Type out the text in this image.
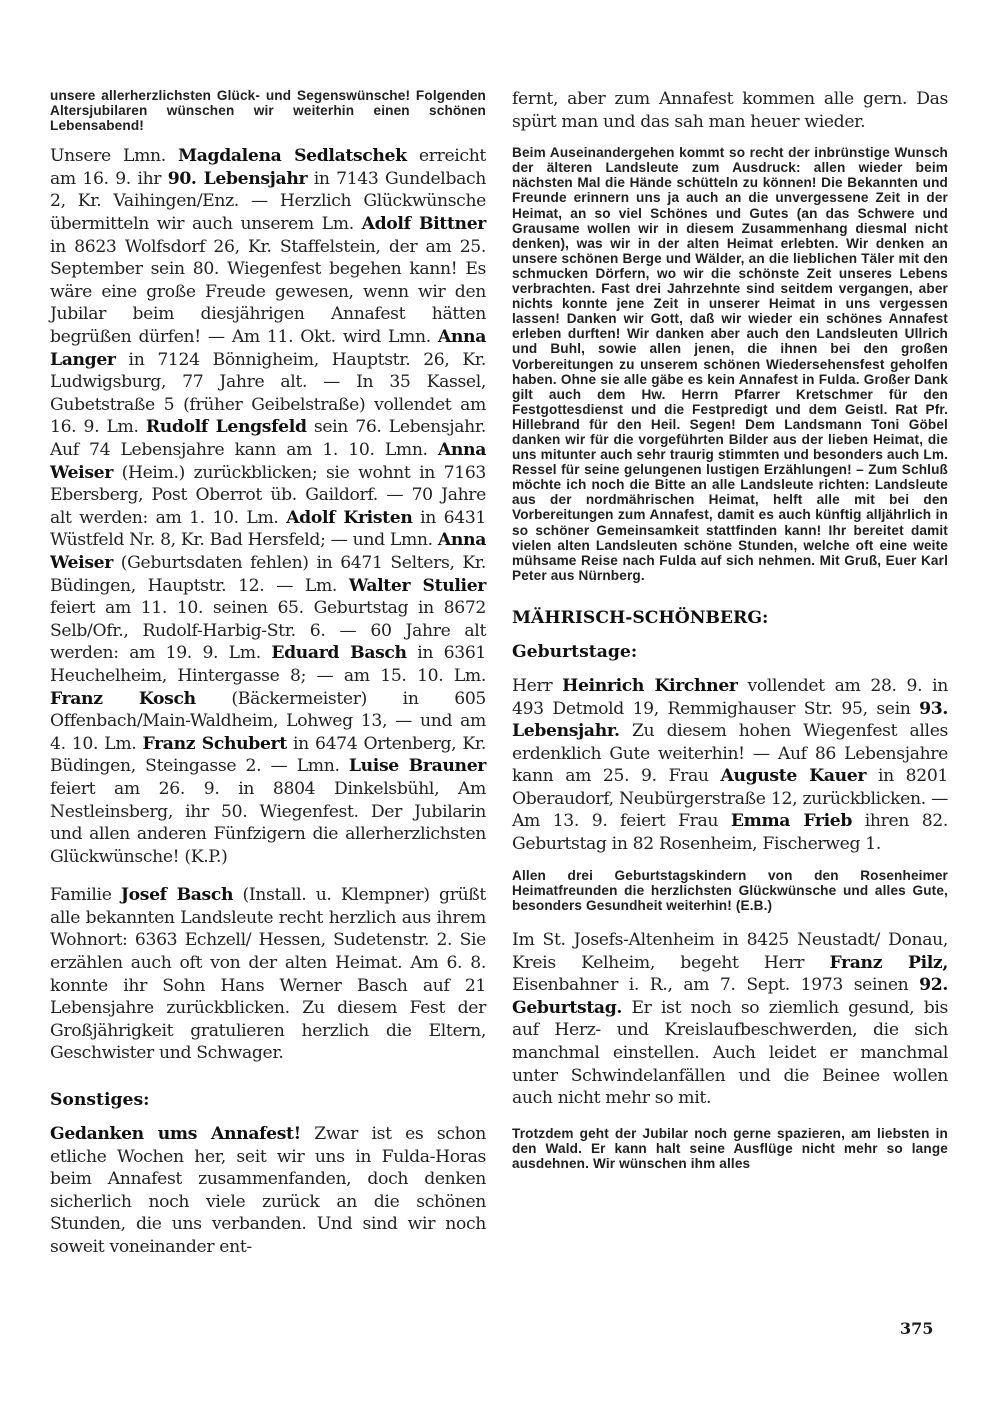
unsere allerherzlichsten Glück- und Segenswünsche! Folgenden Altersjubilaren wünschen wir weiterhin einen schönen Lebensabend!

Unsere Lmn. Magdalena Sedlatschek erreicht am 16. 9. ihr 90. Lebensjahr in 7143 Gundelbach 2, Kr. Vaihingen/Enz. — Herzlich Glückwünsche übermitteln wir auch unserem Lm. Adolf Bittner in 8623 Wolfsdorf 26, Kr. Staffelstein, der am 25. September sein 80. Wiegenfest begehen kann! Es wäre eine große Freude gewesen, wenn wir den Jubilar beim diesjährigen Annafest hätten begrüßen dürfen! — Am 11. Okt. wird Lmn. Anna Langer in 7124 Bönnigheim, Hauptstr. 26, Kr. Ludwigsburg, 77 Jahre alt. — In 35 Kassel, Gubetstraße 5 (früher Geibelstraße) vollendet am 16. 9. Lm. Rudolf Lengsfeld sein 76. Lebensjahr. Auf 74 Lebensjahre kann am 1. 10. Lmn. Anna Weiser (Heim.) zurückblicken; sie wohnt in 7163 Ebersberg, Post Oberrot üb. Gaildorf. — 70 Jahre alt werden: am 1. 10. Lm. Adolf Kristen in 6431 Wüstfeld Nr. 8, Kr. Bad Hersfeld; — und Lmn. Anna Weiser (Geburtsdaten fehlen) in 6471 Selters, Kr. Büdingen, Hauptstr. 12. — Lm. Walter Stulier feiert am 11. 10. seinen 65. Geburtstag in 8672 Selb/Ofr., Rudolf-Harbig-Str. 6. — 60 Jahre alt werden: am 19. 9. Lm. Eduard Basch in 6361 Heuchelheim, Hintergasse 8; — am 15. 10. Lm. Franz Kosch (Bäckermeister) in 605 Offenbach/Main-Waldheim, Lohweg 13, — und am 4. 10. Lm. Franz Schubert in 6474 Ortenberg, Kr. Büdingen, Steingasse 2. — Lmn. Luise Brauner feiert am 26. 9. in 8804 Dinkelsbühl, Am Nestleinsberg, ihr 50. Wiegenfest. Der Jubilarin und allen anderen Fünfzigern die allerherzlichsten Glückwünsche! (K.P.)

Familie Josef Basch (Install. u. Klempner) grüßt alle bekannten Landsleute recht herzlich aus ihrem Wohnort: 6363 Echzell/ Hessen, Sudetenstr. 2. Sie erzählen auch oft von der alten Heimat. Am 6. 8. konnte ihr Sohn Hans Werner Basch auf 21 Lebensjahre zurückblicken. Zu diesem Fest der Großjährigkeit gratulieren herzlich die Eltern, Geschwister und Schwager.

Sonstiges:

Gedanken ums Annafest! Zwar ist es schon etliche Wochen her, seit wir uns in Fulda-Horas beim Annafest zusammenfanden, doch denken sicherlich noch viele zurück an die schönen Stunden, die uns verbanden. Und sind wir noch soweit voneinander ent-

fernt, aber zum Annafest kommen alle gern. Das spürt man und das sah man heuer wieder.

Beim Auseinandergehen kommt so recht der inbrünstige Wunsch der älteren Landsleute zum Ausdruck: allen wieder beim nächsten Mal die Hände schütteln zu können! Die Bekannten und Freunde erinnern uns ja auch an die unvergessene Zeit in der Heimat, an so viel Schönes und Gutes (an das Schwere und Grausame wollen wir in diesem Zusammenhang diesmal nicht denken), was wir in der alten Heimat erlebten. Wir denken an unsere schönen Berge und Wälder, an die lieblichen Täler mit den schmucken Dörfern, wo wir die schönste Zeit unseres Lebens verbrachten. Fast drei Jahrzehnte sind seitdem vergangen, aber nichts konnte jene Zeit in unserer Heimat in uns vergessen lassen! Danken wir Gott, daß wir wieder ein schönes Annafest erleben durften! Wir danken aber auch den Landsleuten Ullrich und Buhl, sowie allen jenen, die ihnen bei den großen Vorbereitungen zu unserem schönen Wiedersehensfest geholfen haben. Ohne sie alle gäbe es kein Annafest in Fulda. Großer Dank gilt auch dem Hw. Herrn Pfarrer Kretschmer für den Festgottesdienst und die Festpredigt und dem Geistl. Rat Pfr. Hillebrand für den Heil. Segen! Dem Landsmann Toni Göbel danken wir für die vorgeführten Bilder aus der lieben Heimat, die uns mitunter auch sehr traurig stimmten und besonders auch Lm. Ressel für seine gelungenen lustigen Erzählungen! – Zum Schluß möchte ich noch die Bitte an alle Landsleute richten: Landsleute aus der nordmährischen Heimat, helft alle mit bei den Vorbereitungen zum Annafest, damit es auch künftig alljährlich in so schöner Gemeinsamkeit stattfinden kann! Ihr bereitet damit vielen alten Landsleuten schöne Stunden, welche oft eine weite mühsame Reise nach Fulda auf sich nehmen. Mit Gruß, Euer Karl Peter aus Nürnberg.

MÄHRISCH-SCHÖNBERG:
Geburtstage:

Herr Heinrich Kirchner vollendet am 28. 9. in 493 Detmold 19, Remmighauser Str. 95, sein 93. Lebensjahr. Zu diesem hohen Wiegenfest alles erdenklich Gute weiterhin! — Auf 86 Lebensjahre kann am 25. 9. Frau Auguste Kauer in 8201 Oberaudorf, Neubürgerstraße 12, zurückblicken. — Am 13. 9. feiert Frau Emma Frieb ihren 82. Geburtstag in 82 Rosenheim, Fischerweg 1.

Allen drei Geburtstagskindern von den Rosenheimer Heimatfreunden die herzlichsten Glückwünsche und alles Gute, besonders Gesundheit weiterhin! (E.B.)

Im St. Josefs-Altenheim in 8425 Neustadt/ Donau, Kreis Kelheim, begeht Herr Franz Pilz, Eisenbahner i. R., am 7. Sept. 1973 seinen 92. Geburtstag. Er ist noch so ziemlich gesund, bis auf Herz- und Kreislaufbeschwerden, die sich manchmal einstellen. Auch leidet er manchmal unter Schwindelanfällen und die Beinee wollen auch nicht mehr so mit.

Trotzdem geht der Jubilar noch gerne spazieren, am liebsten in den Wald. Er kann halt seine Ausflüge nicht mehr so lange ausdehnen. Wir wünschen ihm alles

375
